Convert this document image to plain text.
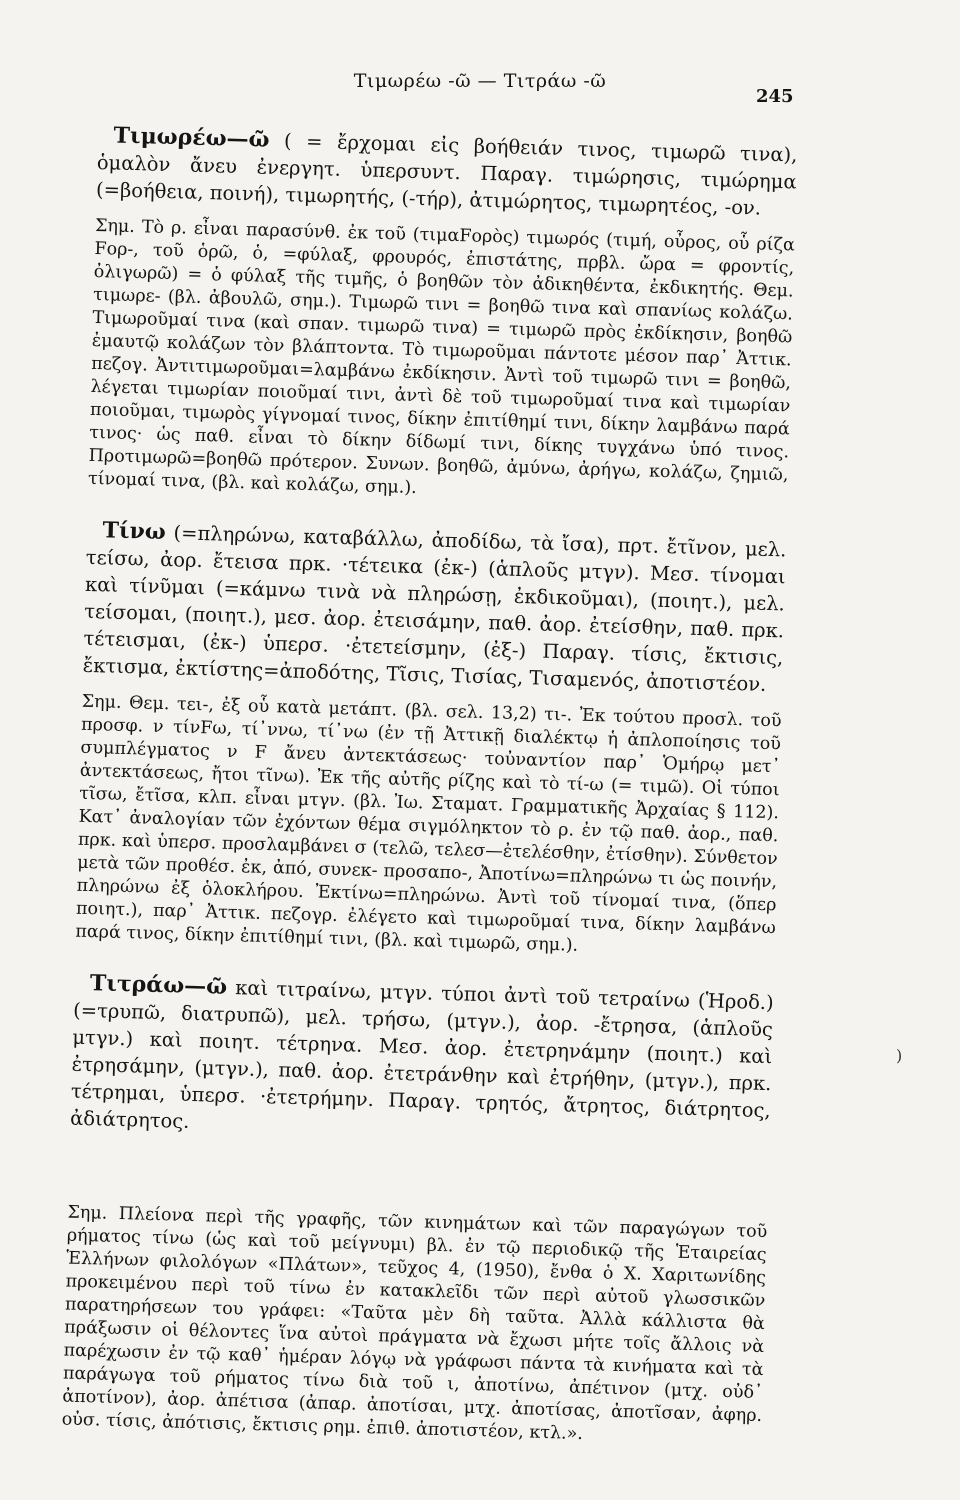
Τιμωρέω -ῶ — Τιτράω -ῶ
245

Τιμωρέω—ῶ ( = ἔρχομαι εἰς βοήθειάν τινος, τιμωρῶ τινα), ὁμαλὸν ἄνευ ἐνεργητ. ὑπερσυντ. Παραγ. τιμώρησις, τιμώρημα (=βοήθεια, ποινή), τιμωρητής, (-τήρ), ἀτιμώρητος, τιμωρητέος, -ον.

Σημ. Τὸ ρ. εἶναι παρασύνθ. ἐκ τοῦ (τιμαFορὸς) τιμωρός (τιμή, οὖρος, οὗ ρίζα Fορ-, τοῦ ὁρῶ, ὁ, =φύλαξ, φρουρός, ἐπιστάτης, πρβλ. ὤρα = φροντίς, ὀλιγωρῶ) = ὁ φύλαξ τῆς τιμῆς, ὁ βοηθῶν τὸν ἀδικηθέντα, ἐκδικητής. Θεμ. τιμωρε- (βλ. ἀβουλῶ, σημ.). Τιμωρῶ τινι = βοηθῶ τινα καὶ σπανίως κολάζω. Τιμωροῦμαί τινα (καὶ σπαν. τιμωρῶ τινα) = τιμωρῶ πρὸς ἐκδίκησιν, βοηθῶ ἐμαυτῷ κολάζων τὸν βλάπτοντα. Τὸ τιμωροῦμαι πάντοτε μέσον παρ᾽ Ἀττικ. πεζογ. Ἀντιτιμωροῦμαι=λαμβάνω ἐκδίκησιν. Ἀντὶ τοῦ τιμωρῶ τινι = βοηθῶ, λέγεται τιμωρίαν ποιοῦμαί τινι, ἀντὶ δὲ τοῦ τιμωροῦμαί τινα καὶ τιμωρίαν ποιοῦμαι, τιμωρὸς γίγνομαί τινος, δίκην ἐπιτίθημί τινι, δίκην λαμβάνω παρά τινος· ὡς παθ. εἶναι τὸ δίκην δίδωμί τινι, δίκης τυγχάνω ὑπό τινος. Προτιμωρῶ=βοηθῶ πρότερον. Συνων. βοηθῶ, ἀμύνω, ἀρήγω, κολάζω, ζημιῶ, τίνομαί τινα, (βλ. καὶ κολάζω, σημ.).

Τίνω (=πληρώνω, καταβάλλω, ἀποδίδω, τὰ ἴσα), πρτ. ἔτῖνον, μελ. τείσω, ἀορ. ἔτεισα πρκ. ·τέτεικα (ἐκ-) (ἁπλοῦς μτγν). Μεσ. τίνομαι καὶ τίνῦμαι (=κάμνω τινὰ νὰ πληρώσῃ, ἐκδικοῦμαι), (ποιητ.), μελ. τείσομαι, (ποιητ.), μεσ. ἀορ. ἐτεισάμην, παθ. ἀορ. ἐτείσθην, παθ. πρκ. τέτεισμαι, (ἐκ-) ὑπερσ. ·ἐτετείσμην, (ἐξ-) Παραγ. τίσις, ἔκτισις, ἔκτισμα, ἐκτίστης=ἀποδότης, Τῖσις, Τισίας, Τισαμενός, ἀποτιστέον.

Σημ. Θεμ. τει-, ἐξ οὗ κατὰ μετάπτ. (βλ. σελ. 13,2) τι-. Ἐκ τούτου προσλ. τοῦ προσφ. ν τίνFω, τί᾽ννω, τί᾽νω (ἐν τῇ Ἀττικῇ διαλέκτῳ ἡ ἀπλοποίησις τοῦ συμπλέγματος ν F ἄνευ ἀντεκτάσεως· τοὐναντίον παρ᾽ Ὁμήρῳ μετ᾽ ἀντεκτάσεως, ἤτοι τῖνω). Ἐκ τῆς αὐτῆς ρίζης καὶ τὸ τί-ω (= τιμῶ). Οἱ τύποι τῖσω, ἔτῖσα, κλπ. εἶναι μτγν. (βλ. Ἰω. Σταματ. Γραμματικῆς Ἀρχαίας § 112). Κατ᾽ ἀναλογίαν τῶν ἐχόντων θέμα σιγμόληκτον τὸ ρ. ἐν τῷ παθ. ἀορ., παθ. πρκ. καὶ ὑπερσ. προσλαμβάνει σ (τελῶ, τελεσ—ἐτελέσθην, ἐτίσθην). Σύνθετον μετὰ τῶν προθέσ. ἐκ, ἀπό, συνεκ- προσαπο-, Ἀποτίνω=πληρώνω τι ὡς ποινήν, πληρώνω ἐξ ὁλοκλήρου. Ἐκτίνω=πληρώνω. Ἀντὶ τοῦ τίνομαί τινα, (ὅπερ ποιητ.), παρ᾽ Ἀττικ. πεζογρ. ἐλέγετο καὶ τιμωροῦμαί τινα, δίκην λαμβάνω παρά τινος, δίκην ἐπιτίθημί τινι, (βλ. καὶ τιμωρῶ, σημ.).

Τιτράω—ῶ καὶ τιτραίνω, μτγν. τύποι ἀντὶ τοῦ τετραίνω (Ἡροδ.) (=τρυπῶ, διατρυπῶ), μελ. τρήσω, (μτγν.), ἀορ. -ἔτρησα, (ἁπλοῦς μτγν.) καὶ ποιητ. τέτρηνα. Μεσ. ἀορ. ἐτετρηνάμην (ποιητ.) καὶ ἐτρησάμην, (μτγν.), παθ. ἀορ. ἐτετράνθην καὶ ἐτρήθην, (μτγν.), πρκ. τέτρημαι, ὑπερσ. ·ἐτετρήμην. Παραγ. τρητός, ἄτρητος, διάτρητος, ἀδιάτρητος.

Σημ. Πλείονα περὶ τῆς γραφῆς, τῶν κινημάτων καὶ τῶν παραγώγων τοῦ ρήματος τίνω (ὡς καὶ τοῦ μείγνυμι) βλ. ἐν τῷ περιοδικῷ τῆς Ἑταιρείας Ἑλλήνων φιλολόγων «Πλάτων», τεῦχος 4, (1950), ἔνθα ὁ Χ. Χαριτωνίδης προκειμένου περὶ τοῦ τίνω ἐν κατακλεῖδι τῶν περὶ αὐτοῦ γλωσσικῶν παρατηρήσεων του γράφει: «Ταῦτα μὲν δὴ ταῦτα. Ἀλλὰ κάλλιστα θὰ πράξωσιν οἱ θέλοντες ἵνα αὐτοὶ πράγματα νὰ ἔχωσι μήτε τοῖς ἄλλοις νὰ παρέχωσιν ἐν τῷ καθ᾽ ἡμέραν λόγῳ νὰ γράφωσι πάντα τὰ κινήματα καὶ τὰ παράγωγα τοῦ ρήματος τίνω διὰ τοῦ ι, ἀποτίνω, ἀπέτινον (μτχ. οὐδ᾽ ἀποτίνον), ἀορ. ἀπέτισα (ἀπαρ. ἀποτίσαι, μτχ. ἀποτίσας, ἀποτῖσαν, ἀφηρ. οὐσ. τίσις, ἀπότισις, ἔκτισις ρημ. ἐπιθ. ἀποτιστέον, κτλ.».

)
